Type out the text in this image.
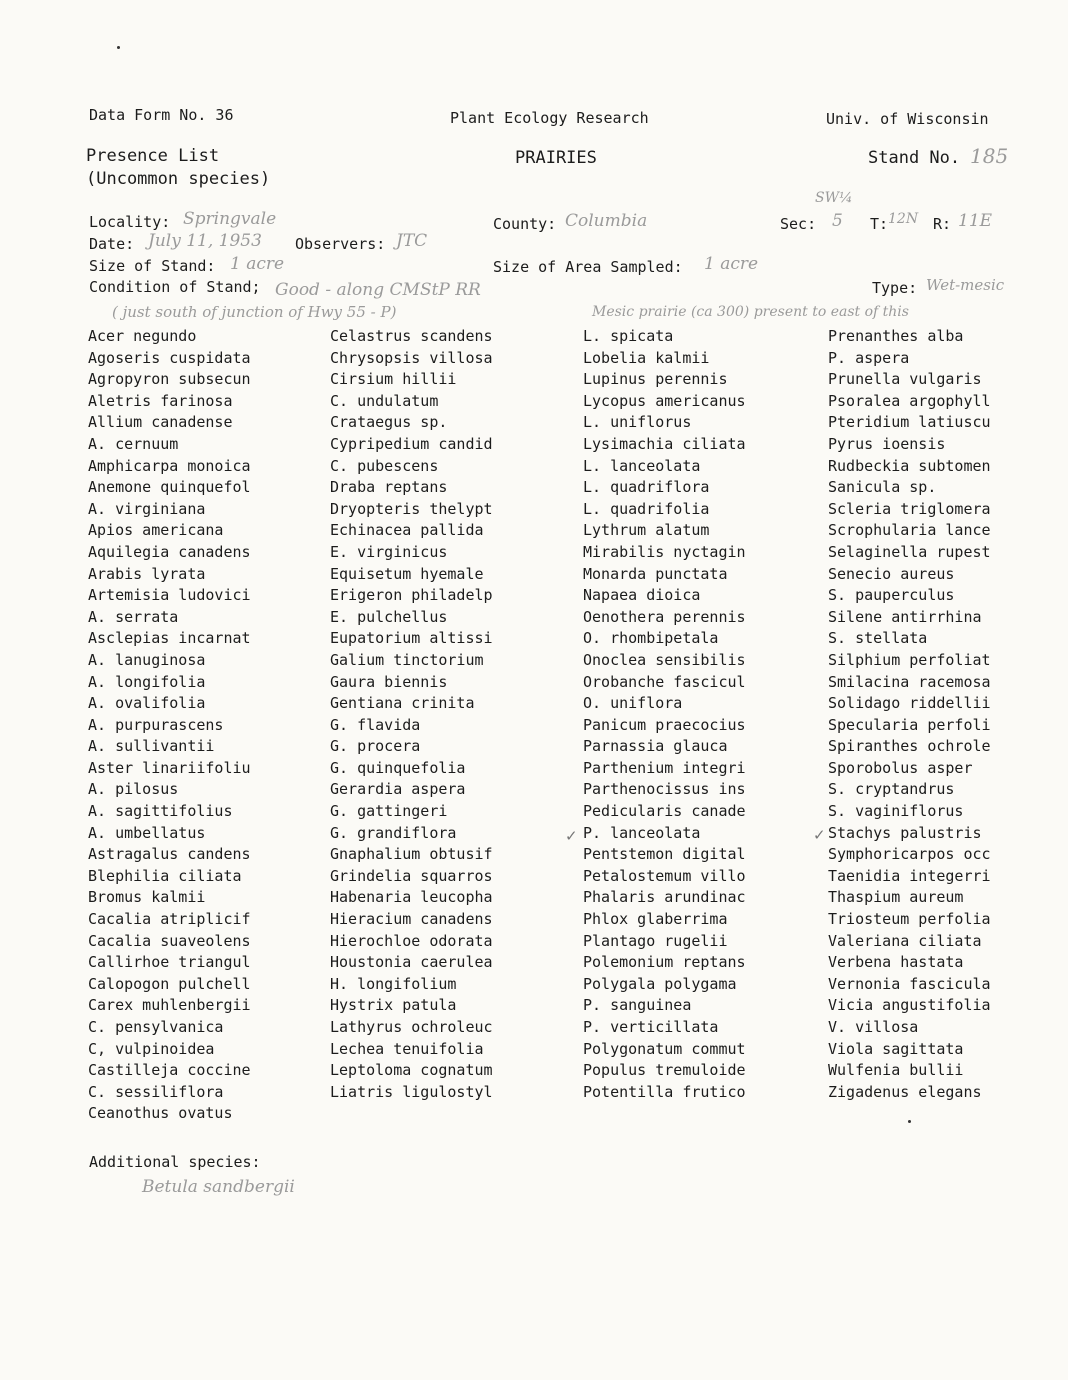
Data Form No. 36	Plant Ecology Research	Univ. of Wisconsin
Presence List
(Uncommon species)
PRAIRIES	Stand No. 185
Locality: Springvale	County: Columbia
SW¼
Sec: 5 T: 12N R: 11E
Date: July 11, 1953 Observers: JTC
Size of Stand: 1 acre	Size of Area Sampled: 1 acre
Condition of Stand; Good - along CMStP RR
( just south of junction of Hwy 55 - P)
Type: Wet-mesic
Mesic prairie (ca 300) present to east of this
Acer negundo
Agoseris cuspidata
Agropyron subsecun
Aletris farinosa
Allium canadense
A. cernuum
Amphicarpa monoica
Anemone quinquefol
A. virginiana
Apios americana
Aquilegia canadens
Arabis lyrata
Artemisia ludovici
A. serrata
Asclepias incarnat
A. lanuginosa
A. longifolia
A. ovalifolia
A. purpurascens
A. sullivantii
Aster linariifoliu
A. pilosus
A. sagittifolius
A. umbellatus
Astragalus candens
Blephilia ciliata
Bromus kalmii
Cacalia atriplicif
Cacalia suaveolens
Callirhoe triangul
Calopogon pulchell
Carex muhlenbergii
C. pensylvanica
C, vulpinoidea
Castilleja coccine
C. sessiliflora
Ceanothus ovatus
Celastrus scandens
Chrysopsis villosa
Cirsium hillii
C. undulatum
Crataegus sp.
Cypripedium candid
C. pubescens
Draba reptans
Dryopteris thelypt
Echinacea pallida
E. virginicus
Equisetum hyemale
Erigeron philadelp
E. pulchellus
Eupatorium altissi
Galium tinctorium
Gaura biennis
Gentiana crinita
G. flavida
G. procera
G. quinquefolia
Gerardia aspera
G. gattingeri
G. grandiflora
Gnaphalium obtusif
Grindelia squarros
Habenaria leucopha
Hieracium canadens
Hierochloe odorata
Houstonia caerulea
H. longifolium
Hystrix patula
Lathyrus ochroleuc
Lechea tenuifolia
Leptoloma cognatum
Liatris ligulostyl
L. spicata
Lobelia kalmii
Lupinus perennis
Lycopus americanus
L. uniflorus
Lysimachia ciliata
L. lanceolata
L. quadriflora
L. quadrifolia
Lythrum alatum
Mirabilis nyctagin
Monarda punctata
Napaea dioica
Oenothera perennis
O. rhombipetala
Onoclea sensibilis
Orobanche fascicul
O. uniflora
Panicum praecocius
Parnassia glauca
Parthenium integri
Parthenocissus ins
Pedicularis canade
P. lanceolata
Pentstemon digital
Petalostemum villo
Phalaris arundinac
Phlox glaberrima
Plantago rugelii
Polemonium reptans
Polygala polygama
P. sanguinea
P. verticillata
Polygonatum commut
Populus tremuloide
Potentilla frutico
Prenanthes alba
P. aspera
Prunella vulgaris
Psoralea argophyll
Pteridium latiuscu
Pyrus ioensis
Rudbeckia subtomen
Sanicula sp.
Scleria triglomera
Scrophularia lance
Selaginella rupest
Senecio aureus
S. pauperculus
Silene antirrhina
S. stellata
Silphium perfoliat
Smilacina racemosa
Solidago riddellii
Specularia perfoli
Spiranthes ochrole
Sporobolus asper
S. cryptandrus
S. vaginiflorus
Stachys palustris
Symphoricarpos occ
Taenidia integerri
Thaspium aureum
Triosteum perfolia
Valeriana ciliata
Verbena hastata
Vernonia fascicula
Vicia angustifolia
V. villosa
Viola sagittata
Wulfenia bullii
Zigadenus elegans
✓	✓
Additional species:
Betula sandbergii
